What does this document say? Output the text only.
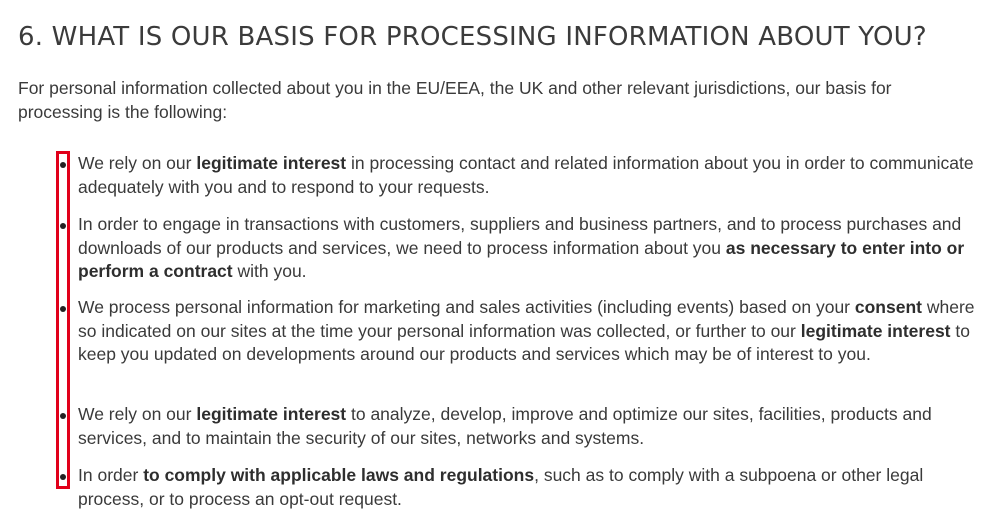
6. WHAT IS OUR BASIS FOR PROCESSING INFORMATION ABOUT YOU?

For personal information collected about you in the EU/EEA, the UK and other relevant jurisdictions, our basis for processing is the following:

We rely on our legitimate interest in processing contact and related information about you in order to communicate adequately with you and to respond to your requests.
In order to engage in transactions with customers, suppliers and business partners, and to process purchases and downloads of our products and services, we need to process information about you as necessary to enter into or perform a contract with you.
We process personal information for marketing and sales activities (including events) based on your consent where so indicated on our sites at the time your personal information was collected, or further to our legitimate interest to keep you updated on developments around our products and services which may be of interest to you.
We rely on our legitimate interest to analyze, develop, improve and optimize our sites, facilities, products and services, and to maintain the security of our sites, networks and systems.
In order to comply with applicable laws and regulations, such as to comply with a subpoena or other legal process, or to process an opt-out request.
